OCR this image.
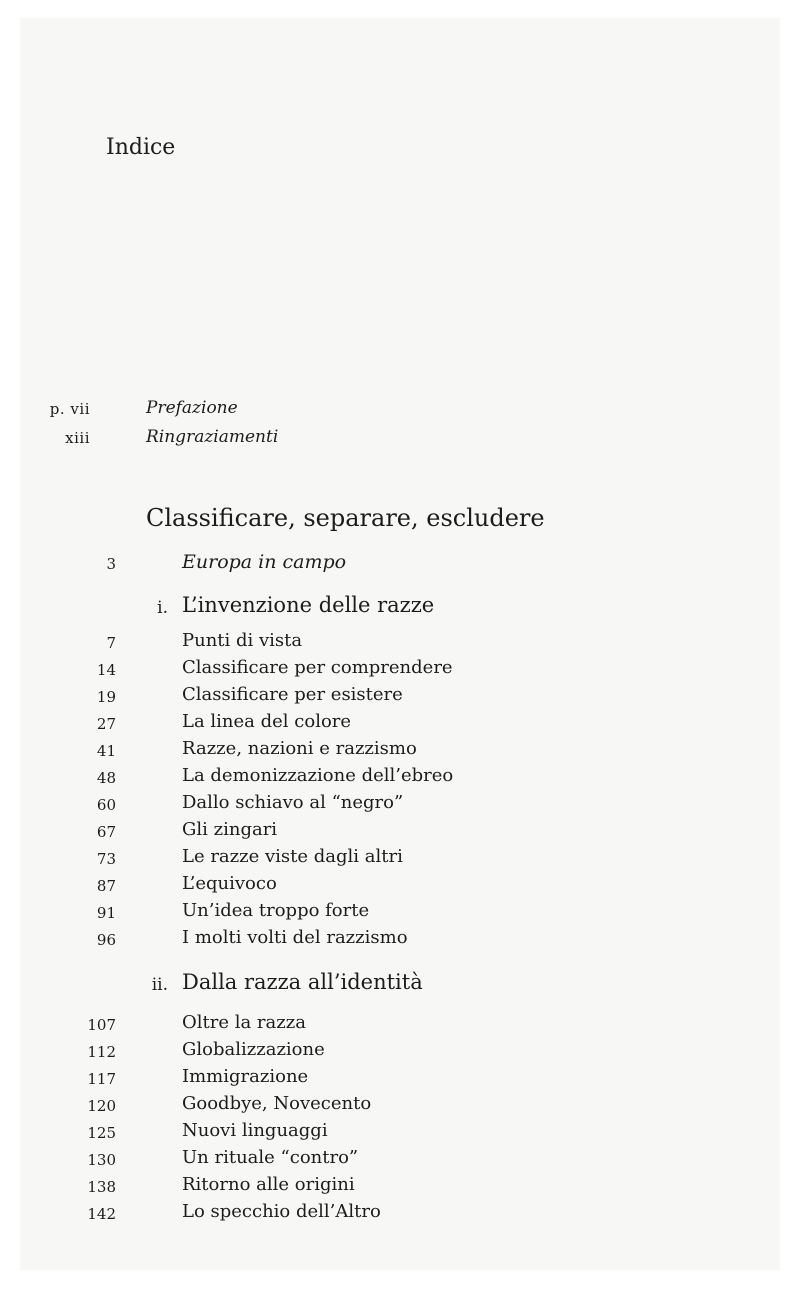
Indice
p. vii	Prefazione
xiii	Ringraziamenti
Classificare, separare, escludere
3	Europa in campo
i. L’invenzione delle razze
7	Punti di vista
14	Classificare per comprendere
19	Classificare per esistere
27	La linea del colore
41	Razze, nazioni e razzismo
48	La demonizzazione dell’ebreo
60	Dallo schiavo al “negro”
67	Gli zingari
73	Le razze viste dagli altri
87	L’equivoco
91	Un’idea troppo forte
96	I molti volti del razzismo
ii. Dalla razza all’identità
107	Oltre la razza
112	Globalizzazione
117	Immigrazione
120	Goodbye, Novecento
125	Nuovi linguaggi
130	Un rituale “contro”
138	Ritorno alle origini
142	Lo specchio dell’Altro
